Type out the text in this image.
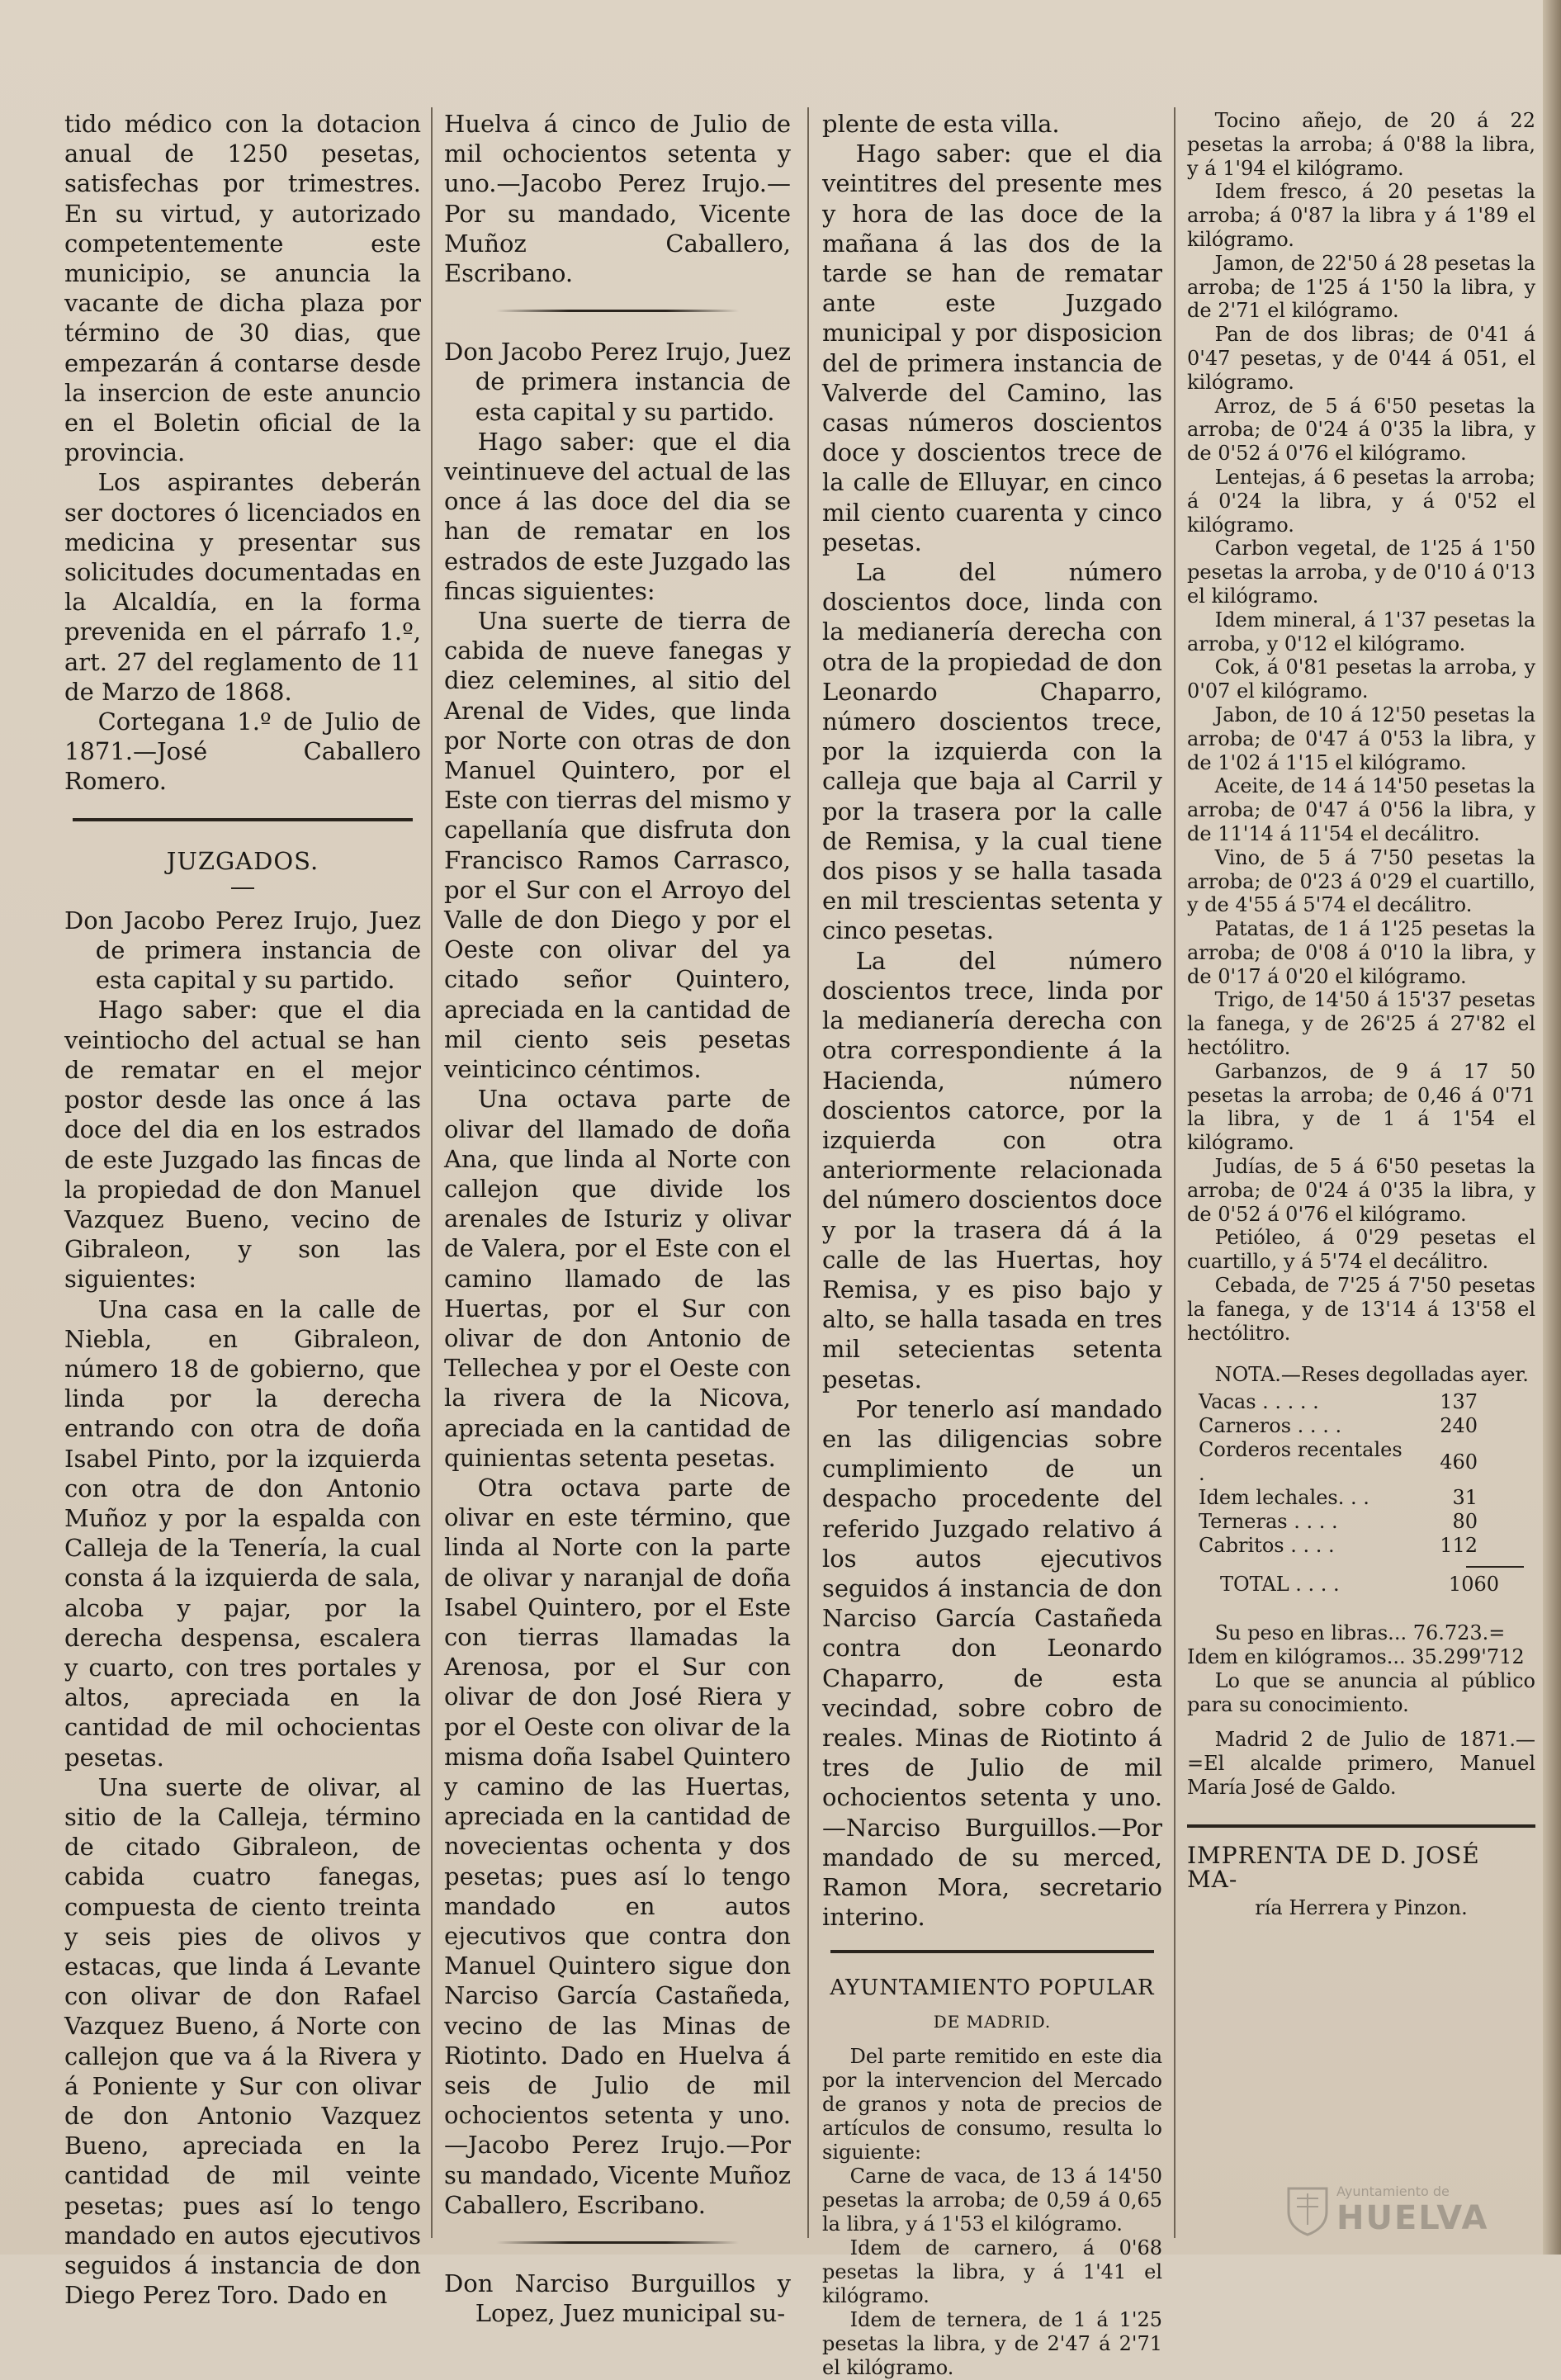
tido médico con la dotacion anual de 1250 pesetas, satisfechas por trimestres. En su virtud, y autorizado competentemente este municipio, se anuncia la vacante de dicha plaza por término de 30 dias, que empezarán á contarse desde la insercion de este anuncio en el Boletin oficial de la provincia.

Los aspirantes deberán ser doctores ó licenciados en medicina y presentar sus solicitudes documentadas en la Alcaldía, en la forma prevenida en el párrafo 1.º, art. 27 del reglamento de 11 de Marzo de 1868.

Cortegana 1.º de Julio de 1871.—José Caballero Romero.

JUZGADOS.

Don Jacobo Perez Irujo, Juez de primera instancia de esta capital y su partido.

Hago saber: que el dia veintiocho del actual se han de rematar en el mejor postor desde las once á las doce del dia en los estrados de este Juzgado las fincas de la propiedad de don Manuel Vazquez Bueno, vecino de Gibraleon, y son las siguientes:

Una casa en la calle de Niebla, en Gibraleon, número 18 de gobierno, que linda por la derecha entrando con otra de doña Isabel Pinto, por la izquierda con otra de don Antonio Muñoz y por la espalda con Calleja de la Tenería, la cual consta á la izquierda de sala, alcoba y pajar, por la derecha despensa, escalera y cuarto, con tres portales y altos, apreciada en la cantidad de mil ochocientas pesetas.

Una suerte de olivar, al sitio de la Calleja, término de citado Gibraleon, de cabida cuatro fanegas, compuesta de ciento treinta y seis pies de olivos y estacas, que linda á Levante con olivar de don Rafael Vazquez Bueno, á Norte con callejon que va á la Rivera y á Poniente y Sur con olivar de don Antonio Vazquez Bueno, apreciada en la cantidad de mil veinte pesetas; pues así lo tengo mandado en autos ejecutivos seguidos á instancia de don Diego Perez Toro. Dado en

Huelva á cinco de Julio de mil ochocientos setenta y uno.—Jacobo Perez Irujo.—Por su mandado, Vicente Muñoz Caballero, Escribano.

Don Jacobo Perez Irujo, Juez de primera instancia de esta capital y su partido.

Hago saber: que el dia veintinueve del actual de las once á las doce del dia se han de rematar en los estrados de este Juzgado las fincas siguientes:

Una suerte de tierra de cabida de nueve fanegas y diez celemines, al sitio del Arenal de Vides, que linda por Norte con otras de don Manuel Quintero, por el Este con tierras del mismo y capellanía que disfruta don Francisco Ramos Carrasco, por el Sur con el Arroyo del Valle de don Diego y por el Oeste con olivar del ya citado señor Quintero, apreciada en la cantidad de mil ciento seis pesetas veinticinco céntimos.

Una octava parte de olivar del llamado de doña Ana, que linda al Norte con callejon que divide los arenales de Isturiz y olivar de Valera, por el Este con el camino llamado de las Huertas, por el Sur con olivar de don Antonio de Tellechea y por el Oeste con la rivera de la Nicova, apreciada en la cantidad de quinientas setenta pesetas.

Otra octava parte de olivar en este término, que linda al Norte con la parte de olivar y naranjal de doña Isabel Quintero, por el Este con tierras llamadas la Arenosa, por el Sur con olivar de don José Riera y por el Oeste con olivar de la misma doña Isabel Quintero y camino de las Huertas, apreciada en la cantidad de novecientas ochenta y dos pesetas; pues así lo tengo mandado en autos ejecutivos que contra don Manuel Quintero sigue don Narciso García Castañeda, vecino de las Minas de Riotinto. Dado en Huelva á seis de Julio de mil ochocientos setenta y uno. —Jacobo Perez Irujo.—Por su mandado, Vicente Muñoz Caballero, Escribano.

Don Narciso Burguillos y Lopez, Juez municipal su-

plente de esta villa.

Hago saber: que el dia veintitres del presente mes y hora de las doce de la mañana á las dos de la tarde se han de rematar ante este Juzgado municipal y por disposicion del de primera instancia de Valverde del Camino, las casas números doscientos doce y doscientos trece de la calle de Elluyar, en cinco mil ciento cuarenta y cinco pesetas.

La del número doscientos doce, linda con la medianería derecha con otra de la propiedad de don Leonardo Chaparro, número doscientos trece, por la izquierda con la calleja que baja al Carril y por la trasera por la calle de Remisa, y la cual tiene dos pisos y se halla tasada en mil trescientas setenta y cinco pesetas.

La del número doscientos trece, linda por la medianería derecha con otra correspondiente á la Hacienda, número doscientos catorce, por la izquierda con otra anteriormente relacionada del número doscientos doce y por la trasera dá á la calle de las Huertas, hoy Remisa, y es piso bajo y alto, se halla tasada en tres mil setecientas setenta pesetas.

Por tenerlo así mandado en las diligencias sobre cumplimiento de un despacho procedente del referido Juzgado relativo á los autos ejecutivos seguidos á instancia de don Narciso García Castañeda contra don Leonardo Chaparro, de esta vecindad, sobre cobro de reales. Minas de Riotinto á tres de Julio de mil ochocientos setenta y uno.—Narciso Burguillos.—Por mandado de su merced, Ramon Mora, secretario interino.

AYUNTAMIENTO POPULAR
DE MADRID.

Del parte remitido en este dia por la intervencion del Mercado de granos y nota de precios de artículos de consumo, resulta lo siguiente:

Carne de vaca, de 13 á 14'50 pesetas la arroba; de 0,59 á 0,65 la libra, y á 1'53 el kilógramo.

Idem de carnero, á 0'68 pesetas la libra, y á 1'41 el kilógramo.

Idem de ternera, de 1 á 1'25 pesetas la libra, y de 2'47 á 2'71 el kilógramo.

Tocino añejo, de 20 á 22 pesetas la arroba; á 0'88 la libra, y á 1'94 el kilógramo.

Idem fresco, á 20 pesetas la arroba; á 0'87 la libra y á 1'89 el kilógramo.

Jamon, de 22'50 á 28 pesetas la arroba; de 1'25 á 1'50 la libra, y de 2'71 el kilógramo.

Pan de dos libras; de 0'41 á 0'47 pesetas, y de 0'44 á 051, el kilógramo.

Arroz, de 5 á 6'50 pesetas la arroba; de 0'24 á 0'35 la libra, y de 0'52 á 0'76 el kilógramo.

Lentejas, á 6 pesetas la arroba; á 0'24 la libra, y á 0'52 el kilógramo.

Carbon vegetal, de 1'25 á 1'50 pesetas la arroba, y de 0'10 á 0'13 el kilógramo.

Idem mineral, á 1'37 pesetas la arroba, y 0'12 el kilógramo.

Cok, á 0'81 pesetas la arroba, y 0'07 el kilógramo.

Jabon, de 10 á 12'50 pesetas la arroba; de 0'47 á 0'53 la libra, y de 1'02 á 1'15 el kilógramo.

Aceite, de 14 á 14'50 pesetas la arroba; de 0'47 á 0'56 la libra, y de 11'14 á 11'54 el decálitro.

Vino, de 5 á 7'50 pesetas la arroba; de 0'23 á 0'29 el cuartillo, y de 4'55 á 5'74 el decálitro.

Patatas, de 1 á 1'25 pesetas la arroba; de 0'08 á 0'10 la libra, y de 0'17 á 0'20 el kilógramo.

Trigo, de 14'50 á 15'37 pesetas la fanega, y de 26'25 á 27'82 el hectólitro.

Garbanzos, de 9 á 17 50 pesetas la arroba; de 0,46 á 0'71 la libra, y de 1 á 1'54 el kilógramo.

Judías, de 5 á 6'50 pesetas la arroba; de 0'24 á 0'35 la libra, y de 0'52 á 0'76 el kilógramo.

Petióleo, á 0'29 pesetas el cuartillo, y á 5'74 el decálitro.

Cebada, de 7'25 á 7'50 pesetas la fanega, y de 13'14 á 13'58 el hectólitro.

NOTA.—Reses degolladas ayer.

Vacas . . . . .	137
Carneros . . . .	240
Corderos recentales .	460
Idem lechales. . .	31
Terneras . . . .	80
Cabritos . . . .	112
TOTAL . . . .	1060

Su peso en libras... 76.723.=

Idem en kilógramos... 35.299'712

Lo que se anuncia al público para su conocimiento.

Madrid 2 de Julio de 1871.—=El alcalde primero, Manuel María José de Galdo.

IMPRENTA DE D. JOSÉ MA-
ría Herrera y Pinzon.
Ayuntamiento de
HUELVA
